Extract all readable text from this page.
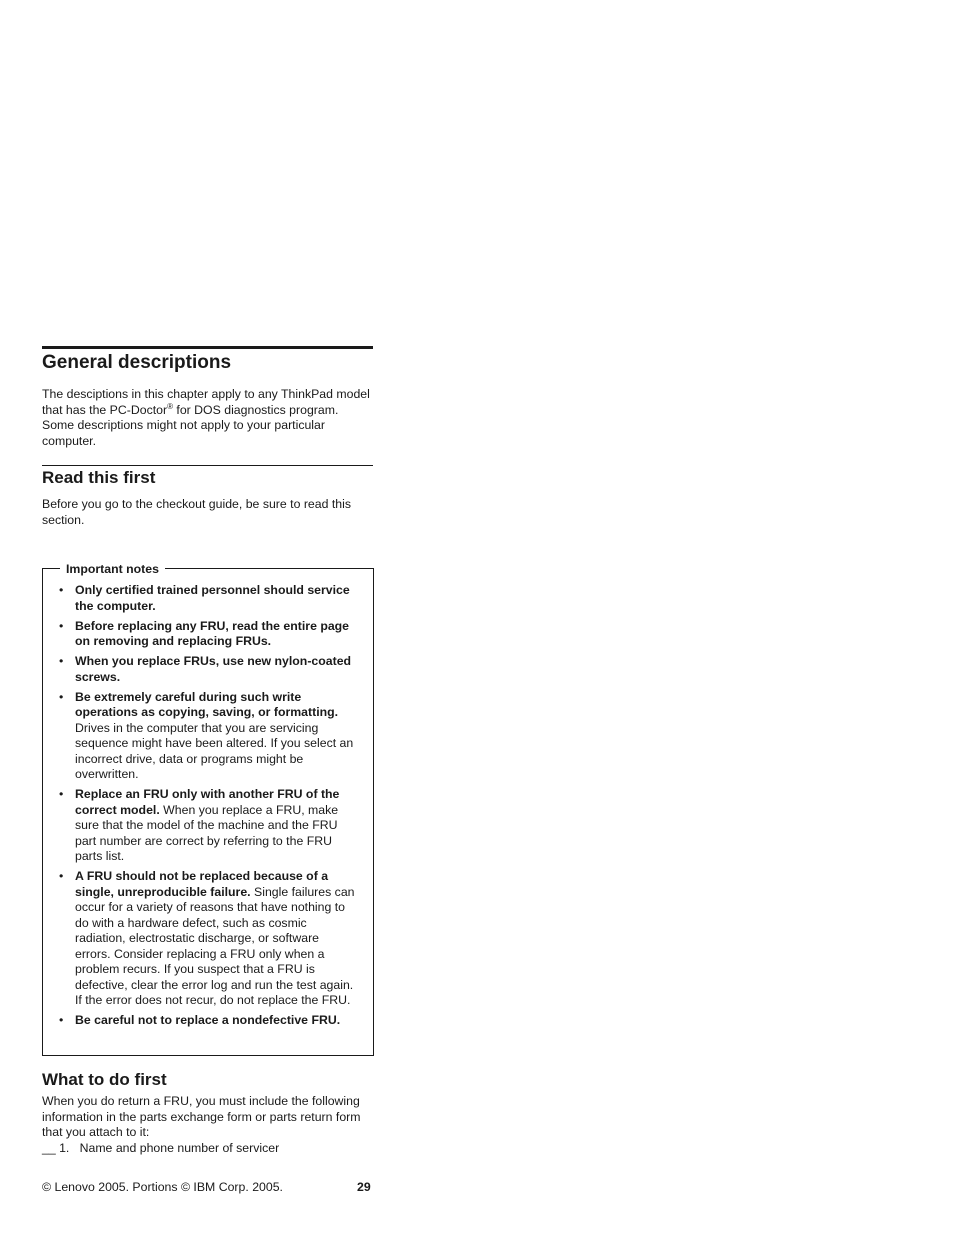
General descriptions

The desciptions in this chapter apply to any ThinkPad model that has the PC-Doctor® for DOS diagnostics program. Some descriptions might not apply to your particular computer.

Read this first

Before you go to the checkout guide, be sure to read this section.

Important notes
• Only certified trained personnel should service the computer.
• Before replacing any FRU, read the entire page on removing and replacing FRUs.
• When you replace FRUs, use new nylon-coated screws.
• Be extremely careful during such write operations as copying, saving, or formatting. Drives in the computer that you are servicing sequence might have been altered. If you select an incorrect drive, data or programs might be overwritten.
• Replace an FRU only with another FRU of the correct model. When you replace a FRU, make sure that the model of the machine and the FRU part number are correct by referring to the FRU parts list.
• A FRU should not be replaced because of a single, unreproducible failure. Single failures can occur for a variety of reasons that have nothing to do with a hardware defect, such as cosmic radiation, electrostatic discharge, or software errors. Consider replacing a FRU only when a problem recurs. If you suspect that a FRU is defective, clear the error log and run the test again. If the error does not recur, do not replace the FRU.
• Be careful not to replace a nondefective FRU.
What to do first

When you do return a FRU, you must include the following information in the parts exchange form or parts return form that you attach to it:

__ 1.   Name and phone number of servicer

© Lenovo 2005. Portions © IBM Corp. 2005.	29
